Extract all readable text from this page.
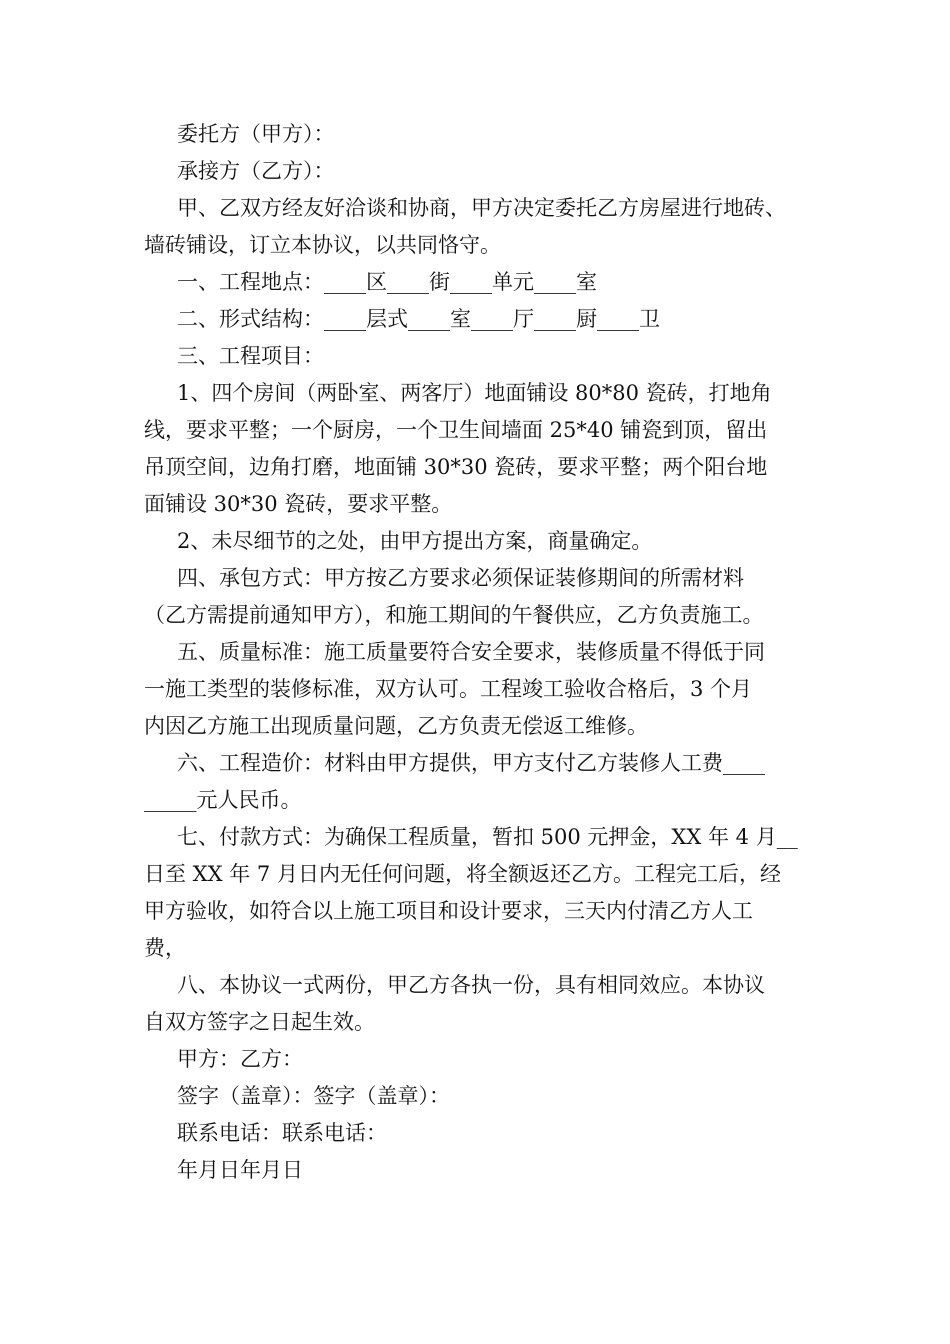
委托方（甲方）：
承接方（乙方）：
甲、乙双方经友好洽谈和协商，甲方决定委托乙方房屋进行地砖、
墙砖铺设，订立本协议，以共同恪守。
一、工程地点：____区____街____单元____室
二、形式结构：____层式____室____厅____厨____卫
三、工程项目：
1、四个房间（两卧室、两客厅）地面铺设 80*80 瓷砖，打地角
线，要求平整；一个厨房，一个卫生间墙面 25*40 铺瓷到顶，留出
吊顶空间，边角打磨，地面铺 30*30 瓷砖，要求平整；两个阳台地
面铺设 30*30 瓷砖，要求平整。
2、未尽细节的之处，由甲方提出方案，商量确定。
四、承包方式：甲方按乙方要求必须保证装修期间的所需材料
（乙方需提前通知甲方），和施工期间的午餐供应，乙方负责施工。
五、质量标准：施工质量要符合安全要求，装修质量不得低于同
一施工类型的装修标准，双方认可。工程竣工验收合格后，3 个月
内因乙方施工出现质量问题，乙方负责无偿返工维修。
六、工程造价：材料由甲方提供，甲方支付乙方装修人工费____
_____元人民币。
七、付款方式：为确保工程质量，暂扣 500 元押金，XX 年 4 月__
日至 XX 年 7 月日内无任何问题，将全额返还乙方。工程完工后，经
甲方验收，如符合以上施工项目和设计要求，三天内付清乙方人工
费，
八、本协议一式两份，甲乙方各执一份，具有相同效应。本协议
自双方签字之日起生效。
甲方：乙方：
签字（盖章）：签字（盖章）：
联系电话：联系电话：
年月日年月日
